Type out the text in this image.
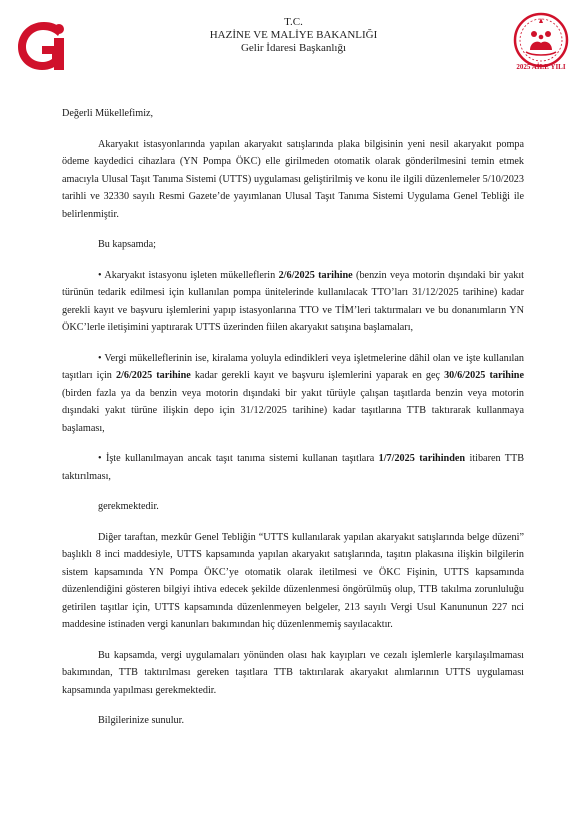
T.C.
HAZİNE VE MALİYE BAKANLIĞI
Gelir İdaresi Başkanlığı
2025 AİLE YILI

Değerli Mükellefimiz,

Akaryakıt istasyonlarında yapılan akaryakıt satışlarında plaka bilgisinin yeni nesil akaryakıt pompa ödeme kaydedici cihazlara (YN Pompa ÖKC) elle girilmeden otomatik olarak gönderilmesini temin etmek amacıyla Ulusal Taşıt Tanıma Sistemi (UTTS) uygulaması geliştirilmiş ve konu ile ilgili düzenlemeler 5/10/2023 tarihli ve 32330 sayılı Resmi Gazete’de yayımlanan Ulusal Taşıt Tanıma Sistemi Uygulama Genel Tebliği ile belirlenmiştir.

Bu kapsamda;

• Akaryakıt istasyonu işleten mükelleflerin 2/6/2025 tarihine (benzin veya motorin dışındaki bir yakıt türünün tedarik edilmesi için kullanılan pompa ünitelerinde kullanılacak TTO’ları 31/12/2025 tarihine) kadar gerekli kayıt ve başvuru işlemlerini yapıp istasyonlarına TTO ve TİM’leri taktırmaları ve bu donanımların YN ÖKC’lerle iletişimini yaptırarak UTTS üzerinden fiilen akaryakıt satışına başlamaları,

• Vergi mükelleflerinin ise, kiralama yoluyla edindikleri veya işletmelerine dâhil olan ve işte kullanılan taşıtları için 2/6/2025 tarihine kadar gerekli kayıt ve başvuru işlemlerini yaparak en geç 30/6/2025 tarihine (birden fazla ya da benzin veya motorin dışındaki bir yakıt türüyle çalışan taşıtlarda benzin veya motorin dışındaki yakıt türüne ilişkin depo için 31/12/2025 tarihine) kadar taşıtlarına TTB taktırarak kullanmaya başlaması,

• İşte kullanılmayan ancak taşıt tanıma sistemi kullanan taşıtlara 1/7/2025 tarihinden itibaren TTB taktırılması,

gerekmektedir.

Diğer taraftan, mezkûr Genel Tebliğin “UTTS kullanılarak yapılan akaryakıt satışlarında belge düzeni” başlıklı 8 inci maddesiyle, UTTS kapsamında yapılan akaryakıt satışlarında, taşıtın plakasına ilişkin bilgilerin sistem kapsamında YN Pompa ÖKC’ye otomatik olarak iletilmesi ve ÖKC Fişinin, UTTS kapsamında düzenlendiğini gösteren bilgiyi ihtiva edecek şekilde düzenlenmesi öngörülmüş olup, TTB takılma zorunluluğu getirilen taşıtlar için, UTTS kapsamında düzenlenmeyen belgeler, 213 sayılı Vergi Usul Kanununun 227 nci maddesine istinaden vergi kanunları bakımından hiç düzenlenmemiş sayılacaktır.

Bu kapsamda, vergi uygulamaları yönünden olası hak kayıpları ve cezalı işlemlerle karşılaşılmaması bakımından, TTB taktırılması gereken taşıtlara TTB taktırılarak akaryakıt alımlarının UTTS uygulaması kapsamında yapılması gerekmektedir.

Bilgilerinize sunulur.
